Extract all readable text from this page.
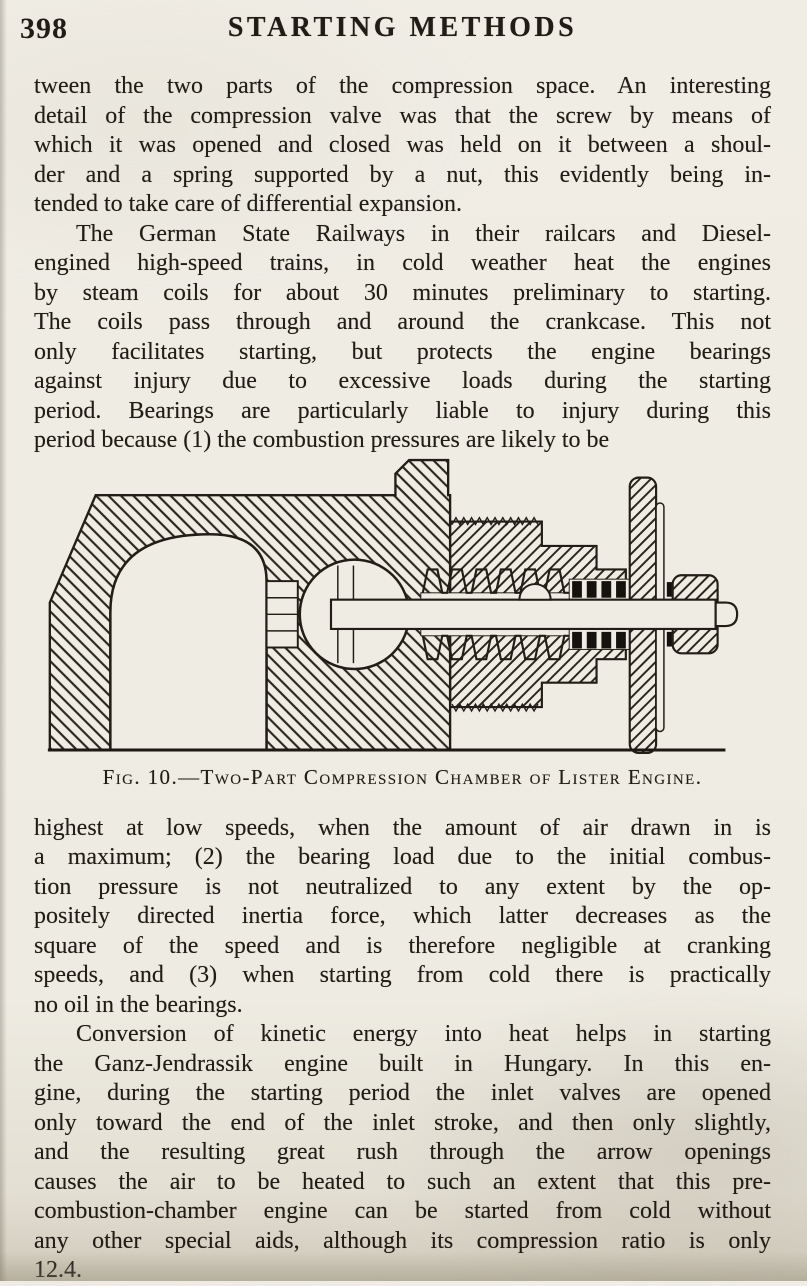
398	STARTING METHODS
tween the two parts of the compression space. An interesting
detail of the compression valve was that the screw by means of
which it was opened and closed was held on it between a shoul-
der and a spring supported by a nut, this evidently being in-
tended to take care of differential expansion.
The German State Railways in their railcars and Diesel-
engined high-speed trains, in cold weather heat the engines
by steam coils for about 30 minutes preliminary to starting.
The coils pass through and around the crankcase. This not
only facilitates starting, but protects the engine bearings
against injury due to excessive loads during the starting
period. Bearings are particularly liable to injury during this
period because (1) the combustion pressures are likely to be
Fig. 10.—Two-Part Compression Chamber of Lister Engine.
highest at low speeds, when the amount of air drawn in is
a maximum; (2) the bearing load due to the initial combus-
tion pressure is not neutralized to any extent by the op-
positely directed inertia force, which latter decreases as the
square of the speed and is therefore negligible at cranking
speeds, and (3) when starting from cold there is practically
no oil in the bearings.
Conversion of kinetic energy into heat helps in starting
the Ganz-Jendrassik engine built in Hungary. In this en-
gine, during the starting period the inlet valves are opened
only toward the end of the inlet stroke, and then only slightly,
and the resulting great rush through the arrow openings
causes the air to be heated to such an extent that this pre-
combustion-chamber engine can be started from cold without
any other special aids, although its compression ratio is only
12.4.
